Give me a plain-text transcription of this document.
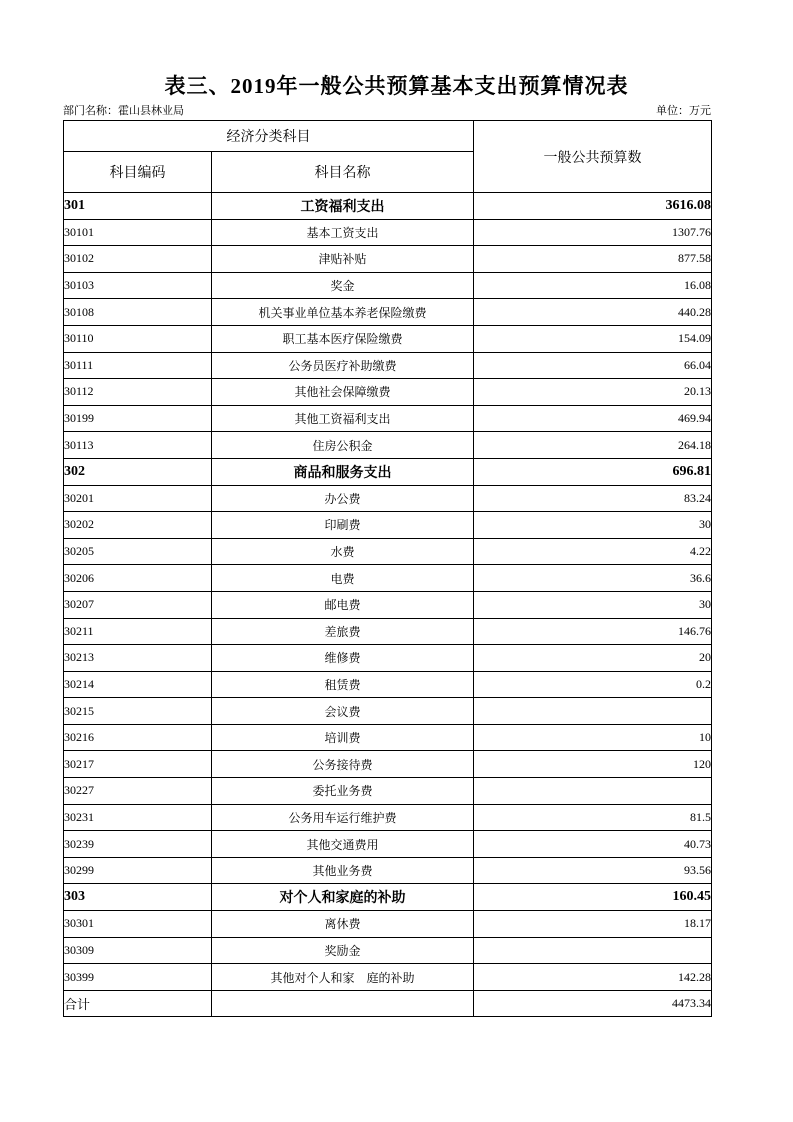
表三、2019年一般公共预算基本支出预算情况表
部门名称：霍山县林业局	单位：万元
经济分类科目		一般公共预算数
科目编码	科目名称	
301	工资福利支出	3616.08
30101	基本工资支出	1307.76
30102	津贴补贴	877.58
30103	奖金	16.08
30108	机关事业单位基本养老保险缴费	440.28
30110	职工基本医疗保险缴费	154.09
30111	公务员医疗补助缴费	66.04
30112	其他社会保障缴费	20.13
30199	其他工资福利支出	469.94
30113	住房公积金	264.18
302	商品和服务支出	696.81
30201	办公费	83.24
30202	印刷费	30
30205	水费	4.22
30206	电费	36.6
30207	邮电费	30
30211	差旅费	146.76
30213	维修费	20
30214	租赁费	0.2
30215	会议费	
30216	培训费	10
30217	公务接待费	120
30227	委托业务费	
30231	公务用车运行维护费	81.5
30239	其他交通费用	40.73
30299	其他业务费	93.56
303	对个人和家庭的补助	160.45
30301	离休费	18.17
30309	奖励金	
30399	其他对个人和家　庭的补助	142.28
合计		4473.34
